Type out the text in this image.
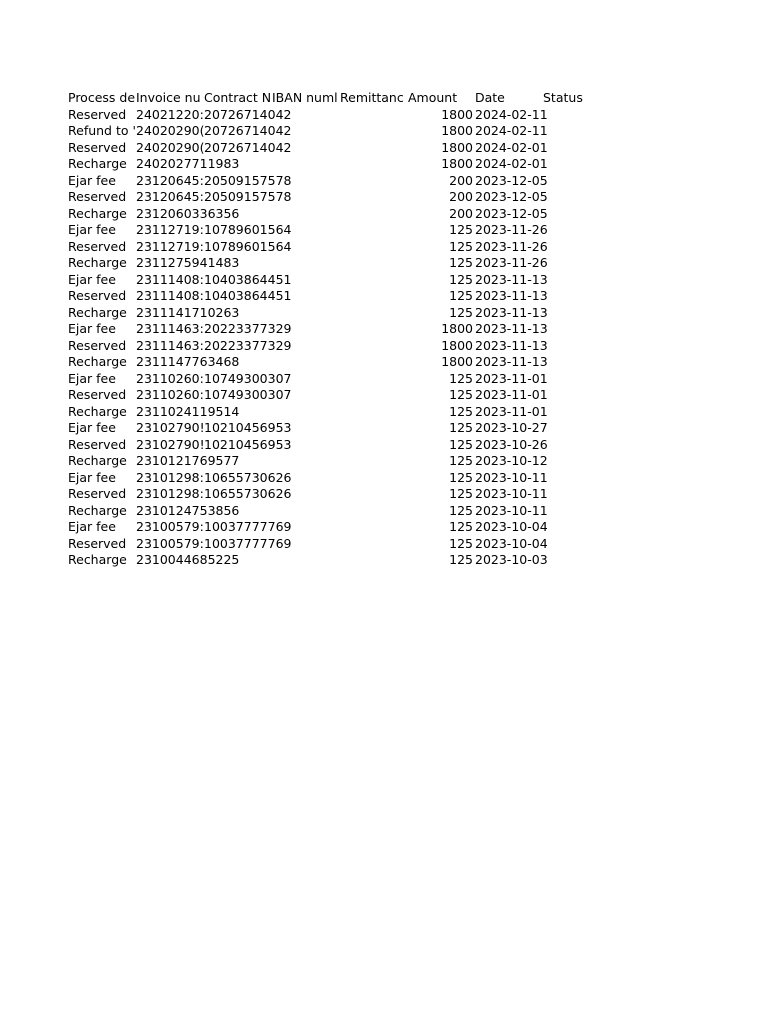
Process de Invoice nu Contract N IBAN numl Remittanc Amount	Date	Status
Reserved 24021220: 20726714042	1800 2024-02-11
Refund to ' 24020290( 20726714042	1800 2024-02-11
Reserved 24020290( 20726714042	1800 2024-02-01
Recharge 2402027711983	1800 2024-02-01
Ejar fee	23120645: 20509157578	200 2023-12-05
Reserved 23120645: 20509157578	200 2023-12-05
Recharge 2312060336356	200 2023-12-05
Ejar fee	23112719: 10789601564	125 2023-11-26
Reserved 23112719: 10789601564	125 2023-11-26
Recharge 2311275941483	125 2023-11-26
Ejar fee	23111408: 10403864451	125 2023-11-13
Reserved 23111408: 10403864451	125 2023-11-13
Recharge 2311141710263	125 2023-11-13
Ejar fee	23111463: 20223377329	1800 2023-11-13
Reserved 23111463: 20223377329	1800 2023-11-13
Recharge 2311147763468	1800 2023-11-13
Ejar fee	23110260: 10749300307	125 2023-11-01
Reserved 23110260: 10749300307	125 2023-11-01
Recharge 2311024119514	125 2023-11-01
Ejar fee	23102790! 10210456953	125 2023-10-27
Reserved 23102790! 10210456953	125 2023-10-26
Recharge 2310121769577	125 2023-10-12
Ejar fee	23101298: 10655730626	125 2023-10-11
Reserved 23101298: 10655730626	125 2023-10-11
Recharge 2310124753856	125 2023-10-11
Ejar fee	23100579: 10037777769	125 2023-10-04
Reserved 23100579: 10037777769	125 2023-10-04
Recharge 2310044685225	125 2023-10-03
